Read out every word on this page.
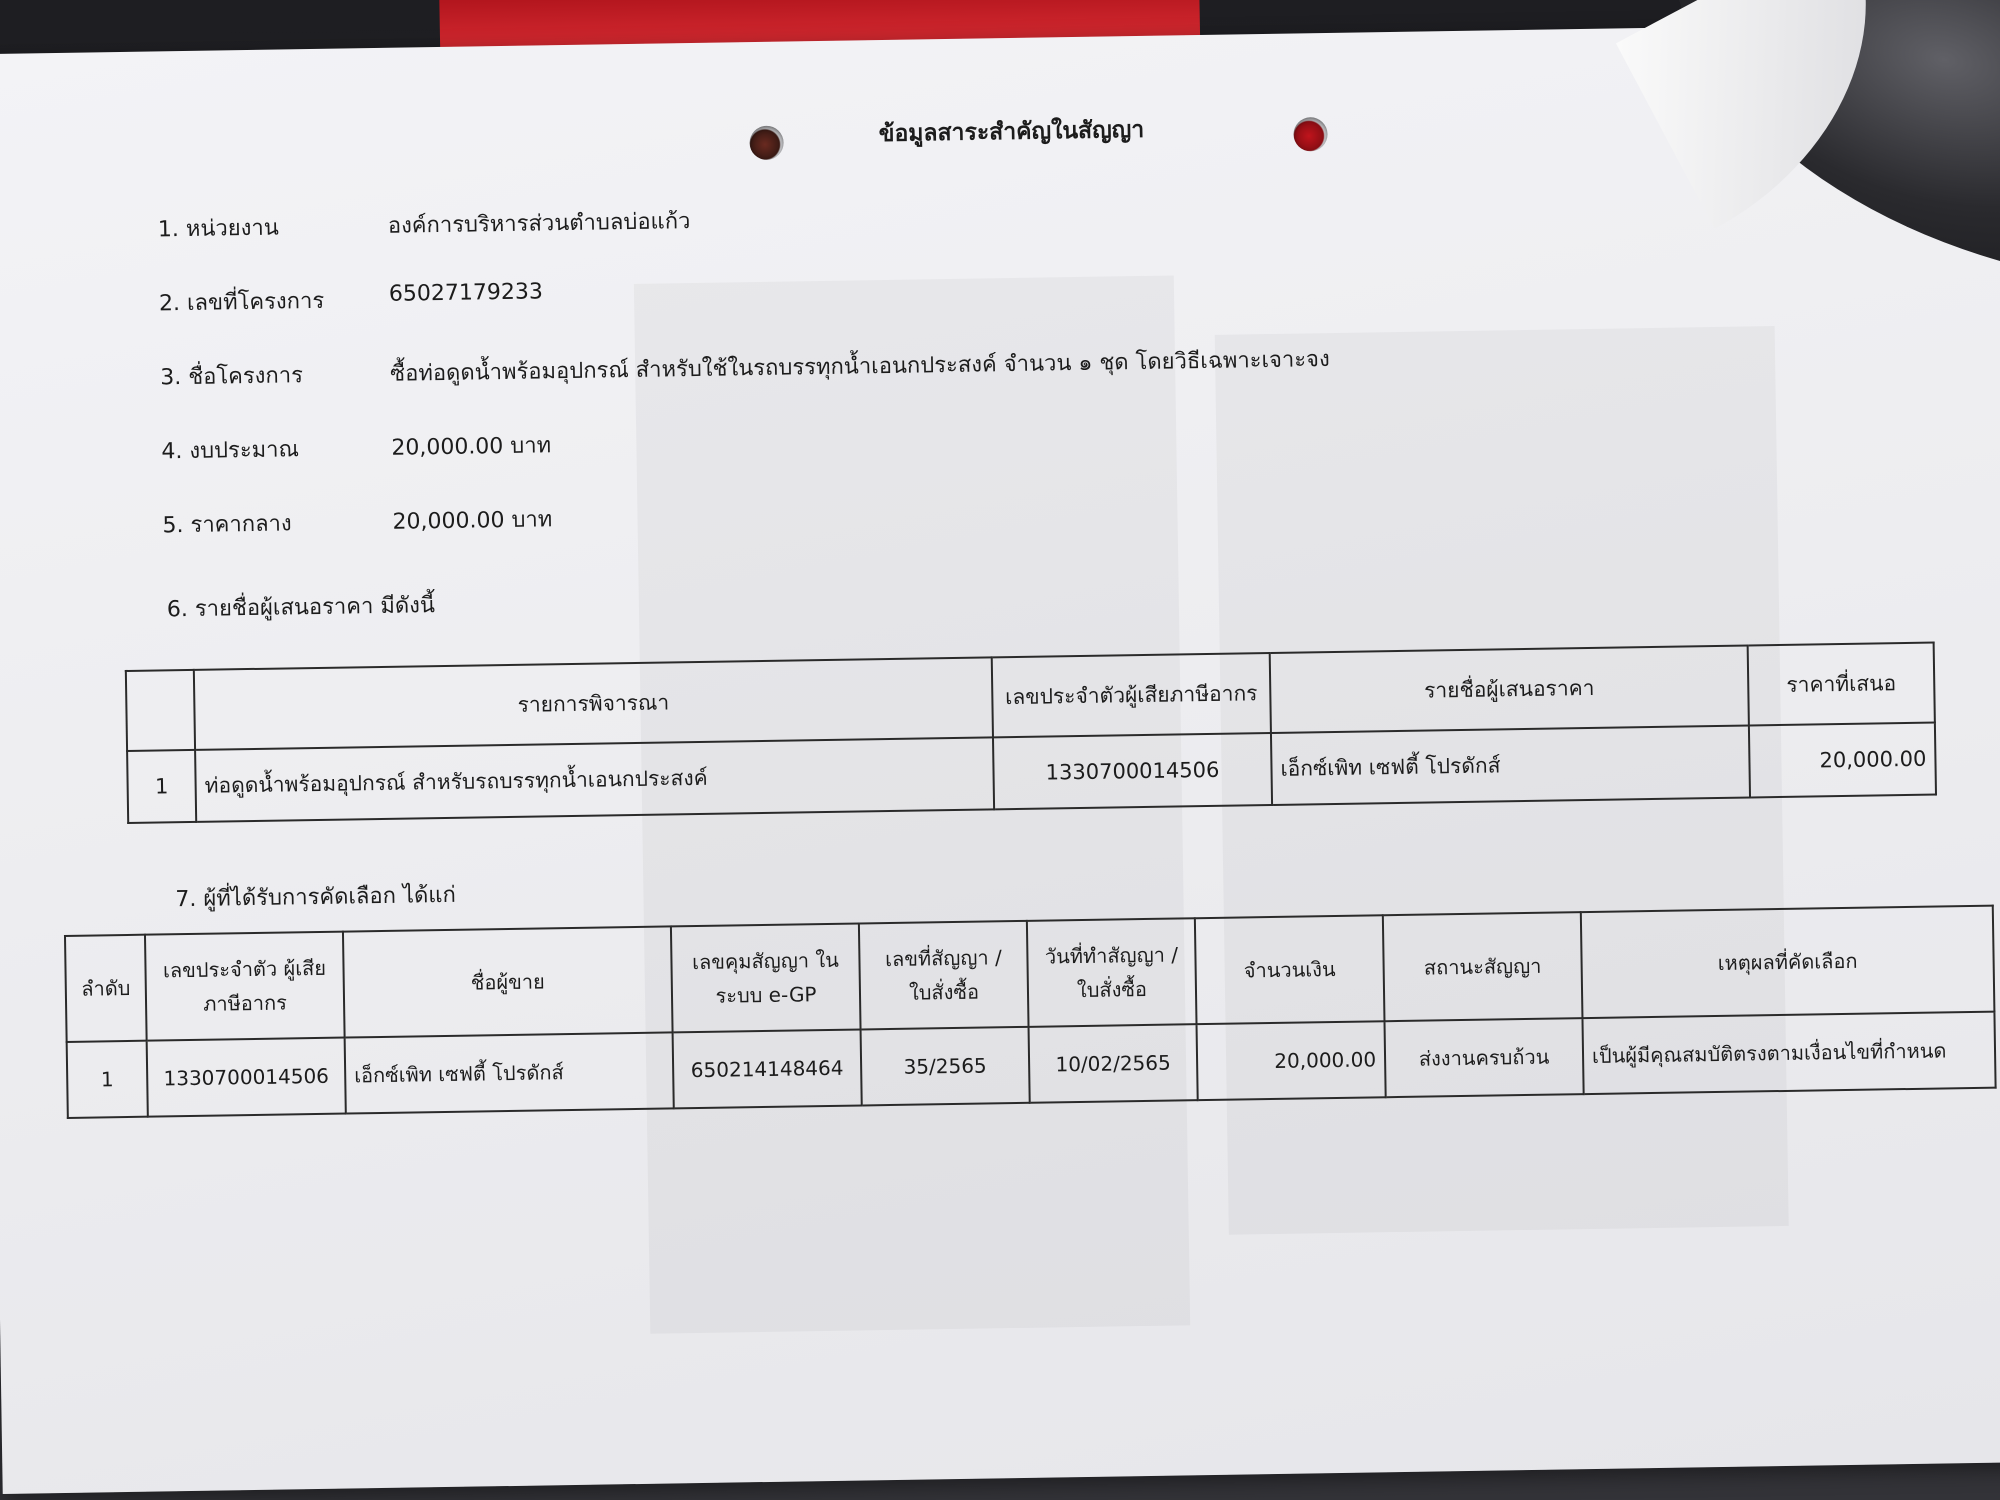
ข้อมูลสาระสำคัญในสัญญา
1. หน่วยงาน	องค์การบริหารส่วนตำบลบ่อแก้ว
2. เลขที่โครงการ	65027179233
3. ชื่อโครงการ	ซื้อท่อดูดน้ำพร้อมอุปกรณ์ สำหรับใช้ในรถบรรทุกน้ำเอนกประสงค์ จำนวน ๑ ชุด โดยวิธีเฉพาะเจาะจง
4. งบประมาณ	20,000.00 บาท
5. ราคากลาง	20,000.00 บาท
6. รายชื่อผู้เสนอราคา มีดังนี้
	รายการพิจารณา	เลขประจำตัวผู้เสียภาษีอากร	รายชื่อผู้เสนอราคา	ราคาที่เสนอ
1	ท่อดูดน้ำพร้อมอุปกรณ์ สำหรับรถบรรทุกน้ำเอนกประสงค์	1330700014506	เอ็กซ์เพิท เซฟตี้ โปรดักส์	20,000.00
7. ผู้ที่ได้รับการคัดเลือก ได้แก่
ลำดับ	เลขประจำตัว ผู้เสียภาษีอากร	ชื่อผู้ขาย	เลขคุมสัญญา ในระบบ e-GP	เลขที่สัญญา / ใบสั่งซื้อ	วันที่ทำสัญญา / ใบสั่งซื้อ	จำนวนเงิน	สถานะสัญญา	เหตุผลที่คัดเลือก
1	1330700014506	เอ็กซ์เพิท เซฟตี้ โปรดักส์	650214148464	35/2565	10/02/2565	20,000.00	ส่งงานครบถ้วน	เป็นผู้มีคุณสมบัติตรงตามเงื่อนไขที่กำหนด
